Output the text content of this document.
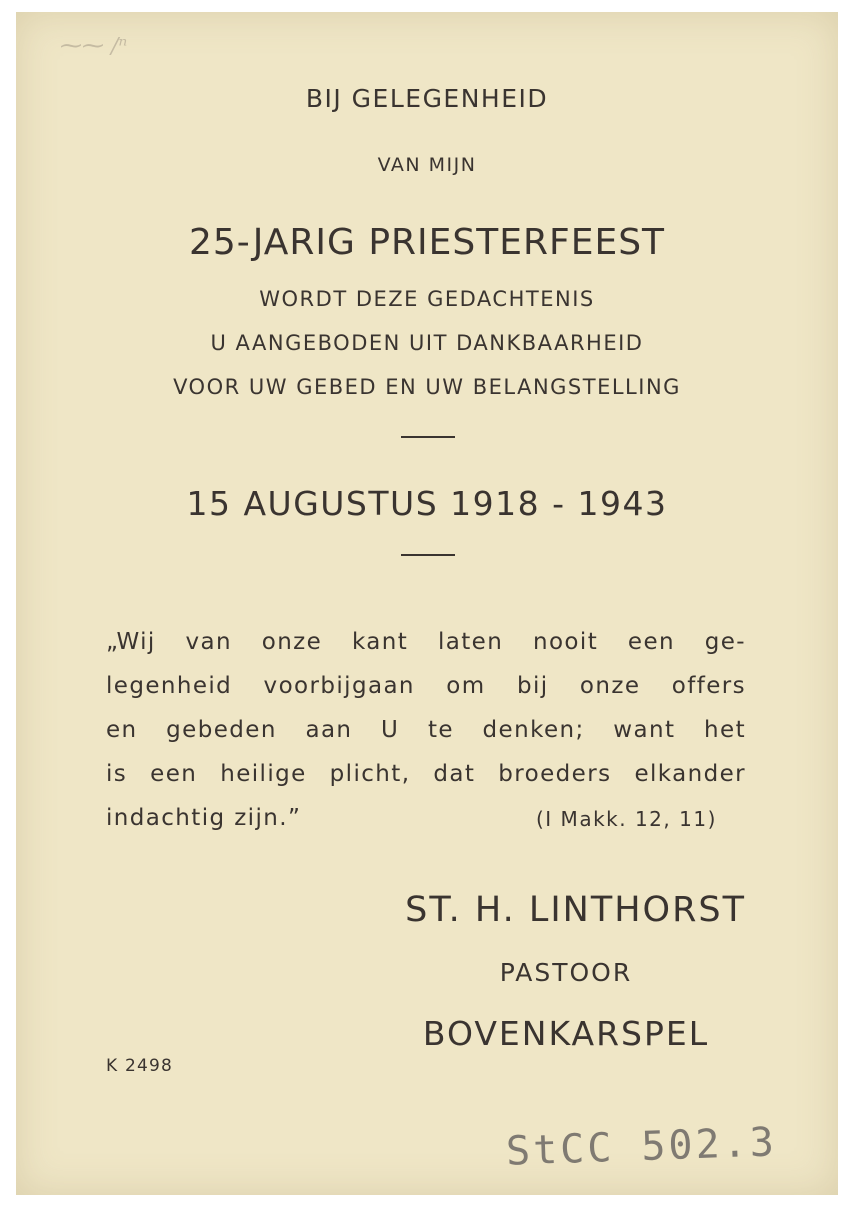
⁓⁓ ∕ⁿ
BIJ GELEGENHEID
VAN MIJN
25-JARIG PRIESTERFEEST
WORDT DEZE GEDACHTENIS
U AANGEBODEN UIT DANKBAARHEID
VOOR UW GEBED EN UW BELANGSTELLING
15 AUGUSTUS 1918 - 1943
„Wij van onze kant laten nooit een ge-
legenheid voorbijgaan om bij onze offers
en gebeden aan U te denken; want het
is een heilige plicht, dat broeders elkander
indachtig zijn.”	(I Makk. 12, 11)
ST. H. LINTHORST
PASTOOR
BOVENKARSPEL
K 2498
StCC 502.3
